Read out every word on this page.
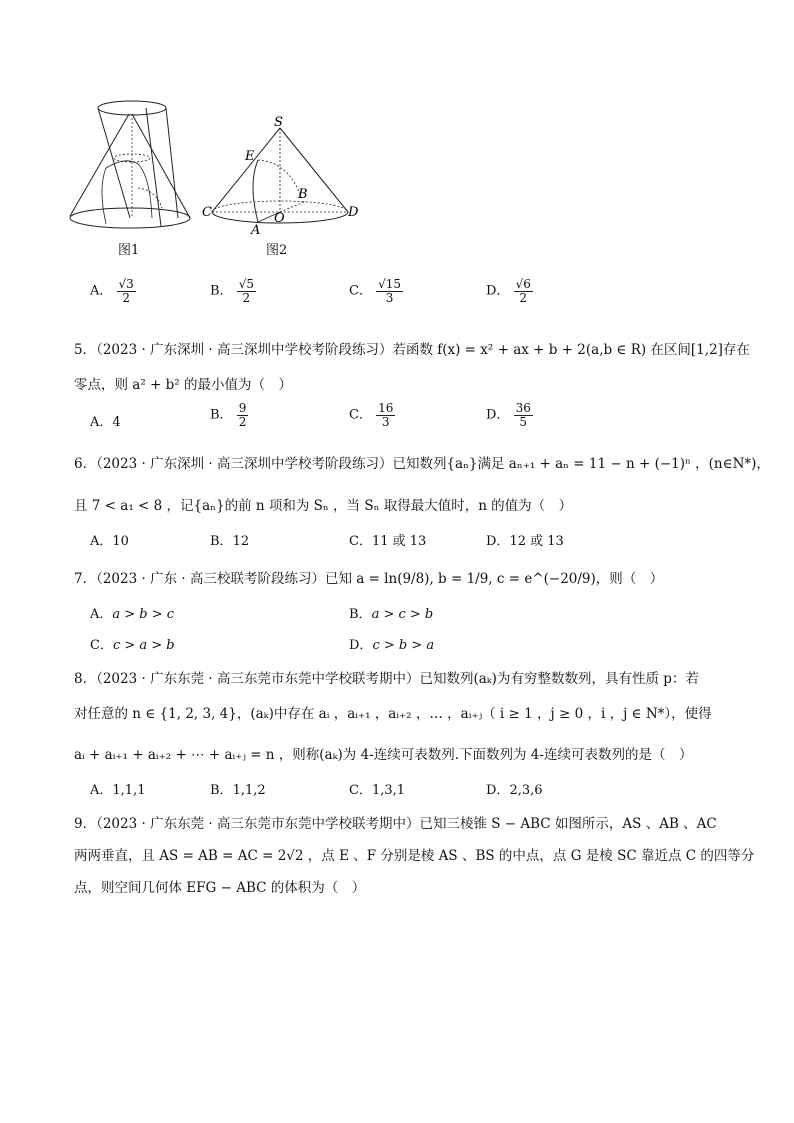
图1
S
E
B
C	O
A
D
图2
A． $\frac{√3}{2}$	B． $\frac{√5}{2}$	C． $\frac{√15}{3}$	D． $\frac{√6}{2}$
5．（2023 · 广东深圳 · 高三深圳中学校考阶段练习）若函数 f(x) = x² + ax + b + 2(a,b ∈ R) 在区间[1,2]存在
零点，则 a² + b² 的最小值为（　）
A．4	B． $\frac{9}{2}$	C． $\frac{16}{3}$	D． $\frac{36}{5}$
6．（2023 · 广东深圳 · 高三深圳中学校考阶段练习）已知数列{aₙ}满足 aₙ₊₁ + aₙ = 11 − n + (−1)ⁿ ，(n∈N*)，
且 7 < a₁ < 8 ，记{aₙ}的前 n 项和为 Sₙ ，当 Sₙ 取得最大值时，n 的值为（　）
A．10	B．12	C．11 或 13	D．12 或 13
7．（2023 · 广东 · 高三校联考阶段练习）已知 a = ln(9/8), b = 1/9, c = e^(−20/9)，则（　）
A．a > b > c	B．a > c > b
C．c > a > b	D．c > b > a
8．（2023 · 广东东莞 · 高三东莞市东莞中学校联考期中）已知数列(aₖ)为有穷整数数列，具有性质 p：若
对任意的 n ∈ {1, 2, 3, 4}，(aₖ)中存在 aᵢ ，aᵢ₊₁ ，aᵢ₊₂ ，… ，aᵢ₊ⱼ（ i ≥ 1 ，j ≥ 0 ，i ，j ∈ N*），使得
aᵢ + aᵢ₊₁ + aᵢ₊₂ + ⋯ + aᵢ₊ⱼ = n ，则称(aₖ)为 4-连续可表数列.下面数列为 4-连续可表数列的是（　）
A．1,1,1	B．1,1,2	C．1,3,1	D．2,3,6
9．（2023 · 广东东莞 · 高三东莞市东莞中学校联考期中）已知三棱锥 S − ABC 如图所示，AS 、AB 、AC
两两垂直，且 AS = AB = AC = 2√2 ，点 E 、F 分别是棱 AS 、BS 的中点，点 G 是棱 SC 靠近点 C 的四等分
点，则空间几何体 EFG − ABC 的体积为（　）
